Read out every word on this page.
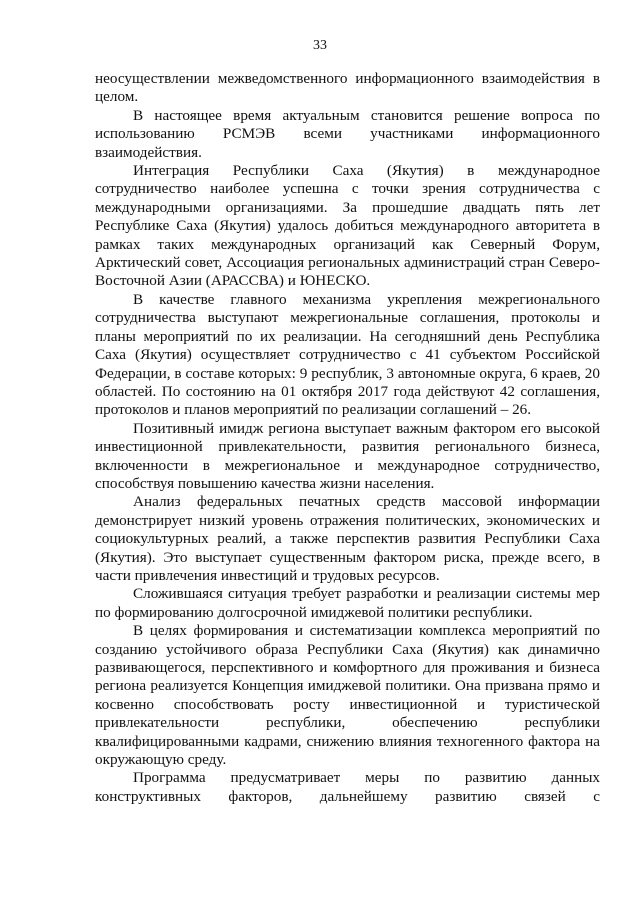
33

неосуществлении межведомственного информационного взаимодействия в целом.

В настоящее время актуальным становится решение вопроса по использованию РСМЭВ всеми участниками информационного взаимодействия.

Интеграция Республики Саха (Якутия) в международное сотрудничество наиболее успешна с точки зрения сотрудничества с международными организациями. За прошедшие двадцать пять лет Республике Саха (Якутия) удалось добиться международного авторитета в рамках таких международных организаций как Северный Форум, Арктический совет, Ассоциация региональных администраций стран Северо-Восточной Азии (АРАССВА) и ЮНЕСКО.

В качестве главного механизма укрепления межрегионального сотрудничества выступают межрегиональные соглашения, протоколы и планы мероприятий по их реализации. На сегодняшний день Республика Саха (Якутия) осуществляет сотрудничество с 41 субъектом Российской Федерации, в составе которых: 9 республик, 3 автономные округа, 6 краев, 20 областей. По состоянию на 01 октября 2017 года действуют 42 соглашения, протоколов и планов мероприятий по реализации соглашений – 26.

Позитивный имидж региона выступает важным фактором его высокой инвестиционной привлекательности, развития регионального бизнеса, включенности в межрегиональное и международное сотрудничество, способствуя повышению качества жизни населения.

Анализ федеральных печатных средств массовой информации демонстрирует низкий уровень отражения политических, экономических и социокультурных реалий, а также перспектив развития Республики Саха (Якутия). Это выступает существенным фактором риска, прежде всего, в части привлечения инвестиций и трудовых ресурсов.

Сложившаяся ситуация требует разработки и реализации системы мер по формированию долгосрочной имиджевой политики республики.

В целях формирования и систематизации комплекса мероприятий по созданию устойчивого образа Республики Саха (Якутия) как динамично развивающегося, перспективного и комфортного для проживания и бизнеса региона реализуется Концепция имиджевой политики. Она призвана прямо и косвенно способствовать росту инвестиционной и туристической привлекательности республики, обеспечению республики квалифицированными кадрами, снижению влияния техногенного фактора на окружающую среду.

Программа предусматривает меры по развитию данных конструктивных факторов, дальнейшему развитию связей с
